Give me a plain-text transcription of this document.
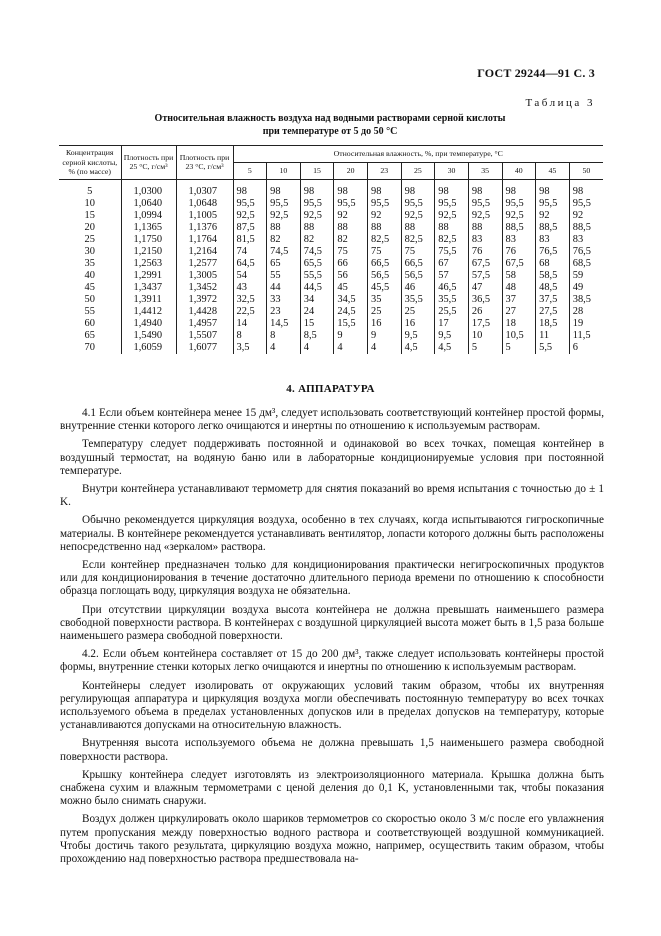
ГОСТ 29244—91 С. 3
Таблица 3
Относительная влажность воздуха над водными растворами серной кислоты
при температуре от 5 до 50 °C
Концентрация серной кислоты, % (по массе)	Плотность при 25 °C, г/см³	Плотность при 23 °C, г/см³	Относительная влажность, %, при температуре, °C										
			5	10	15	20	23	25	30	35	40	45	50
5	1,0300	1,0307	98	98	98	98	98	98	98	98	98	98	98
10	1,0640	1,0648	95,5	95,5	95,5	95,5	95,5	95,5	95,5	95,5	95,5	95,5	95,5
15	1,0994	1,1005	92,5	92,5	92,5	92	92	92,5	92,5	92,5	92,5	92	92
20	1,1365	1,1376	87,5	88	88	88	88	88	88	88	88,5	88,5	88,5
25	1,1750	1,1764	81,5	82	82	82	82,5	82,5	82,5	83	83	83	83
30	1,2150	1,2164	74	74,5	74,5	75	75	75	75,5	76	76	76,5	76,5
35	1,2563	1,2577	64,5	65	65,5	66	66,5	66,5	67	67,5	67,5	68	68,5
40	1,2991	1,3005	54	55	55,5	56	56,5	56,5	57	57,5	58	58,5	59
45	1,3437	1,3452	43	44	44,5	45	45,5	46	46,5	47	48	48,5	49
50	1,3911	1,3972	32,5	33	34	34,5	35	35,5	35,5	36,5	37	37,5	38,5
55	1,4412	1,4428	22,5	23	24	24,5	25	25	25,5	26	27	27,5	28
60	1,4940	1,4957	14	14,5	15	15,5	16	16	17	17,5	18	18,5	19
65	1,5490	1,5507	8	8	8,5	9	9	9,5	9,5	10	10,5	11	11,5
70	1,6059	1,6077	3,5	4	4	4	4	4,5	4,5	5	5	5,5	6
4. АППАРАТУРА

4.1 Если объем контейнера менее 15 дм³, следует использовать соответствующий контейнер простой формы, внутренние стенки которого легко очищаются и инертны по отношению к используемым растворам.

Температуру следует поддерживать постоянной и одинаковой во всех точках, помещая контейнер в воздушный термостат, на водяную баню или в лабораторные кондиционируемые условия при постоянной температуре.

Внутри контейнера устанавливают термометр для снятия показаний во время испытания с точностью до ± 1 K.

Обычно рекомендуется циркуляция воздуха, особенно в тех случаях, когда испытываются гигроскопичные материалы. В контейнере рекомендуется устанавливать вентилятор, лопасти которого должны быть расположены непосредственно над «зеркалом» раствора.

Если контейнер предназначен только для кондиционирования практически негигроскопичных продуктов или для кондиционирования в течение достаточно длительного периода времени по отношению к способности образца поглощать воду, циркуляция воздуха не обязательна.

При отсутствии циркуляции воздуха высота контейнера не должна превышать наименьшего размера свободной поверхности раствора. В контейнерах с воздушной циркуляцией высота может быть в 1,5 раза больше наименьшего размера свободной поверхности.

4.2. Если объем контейнера составляет от 15 до 200 дм³, также следует использовать контейнеры простой формы, внутренние стенки которых легко очищаются и инертны по отношению к используемым растворам.

Контейнеры следует изолировать от окружающих условий таким образом, чтобы их внутренняя регулирующая аппаратура и циркуляция воздуха могли обеспечивать постоянную температуру во всех точках используемого объема в пределах установленных допусков или в пределах допусков на температуру, которые устанавливаются допусками на относительную влажность.

Внутренняя высота используемого объема не должна превышать 1,5 наименьшего размера свободной поверхности раствора.

Крышку контейнера следует изготовлять из электроизоляционного материала. Крышка должна быть снабжена сухим и влажным термометрами с ценой деления до 0,1 K, установленными так, чтобы показания можно было снимать снаружи.

Воздух должен циркулировать около шариков термометров со скоростью около 3 м/с после его увлажнения путем пропускания между поверхностью водного раствора и соответствующей воздушной коммуникацией. Чтобы достичь такого результата, циркуляцию воздуха можно, например, осуществить таким образом, чтобы прохождению над поверхностью раствора предшествовала на-
